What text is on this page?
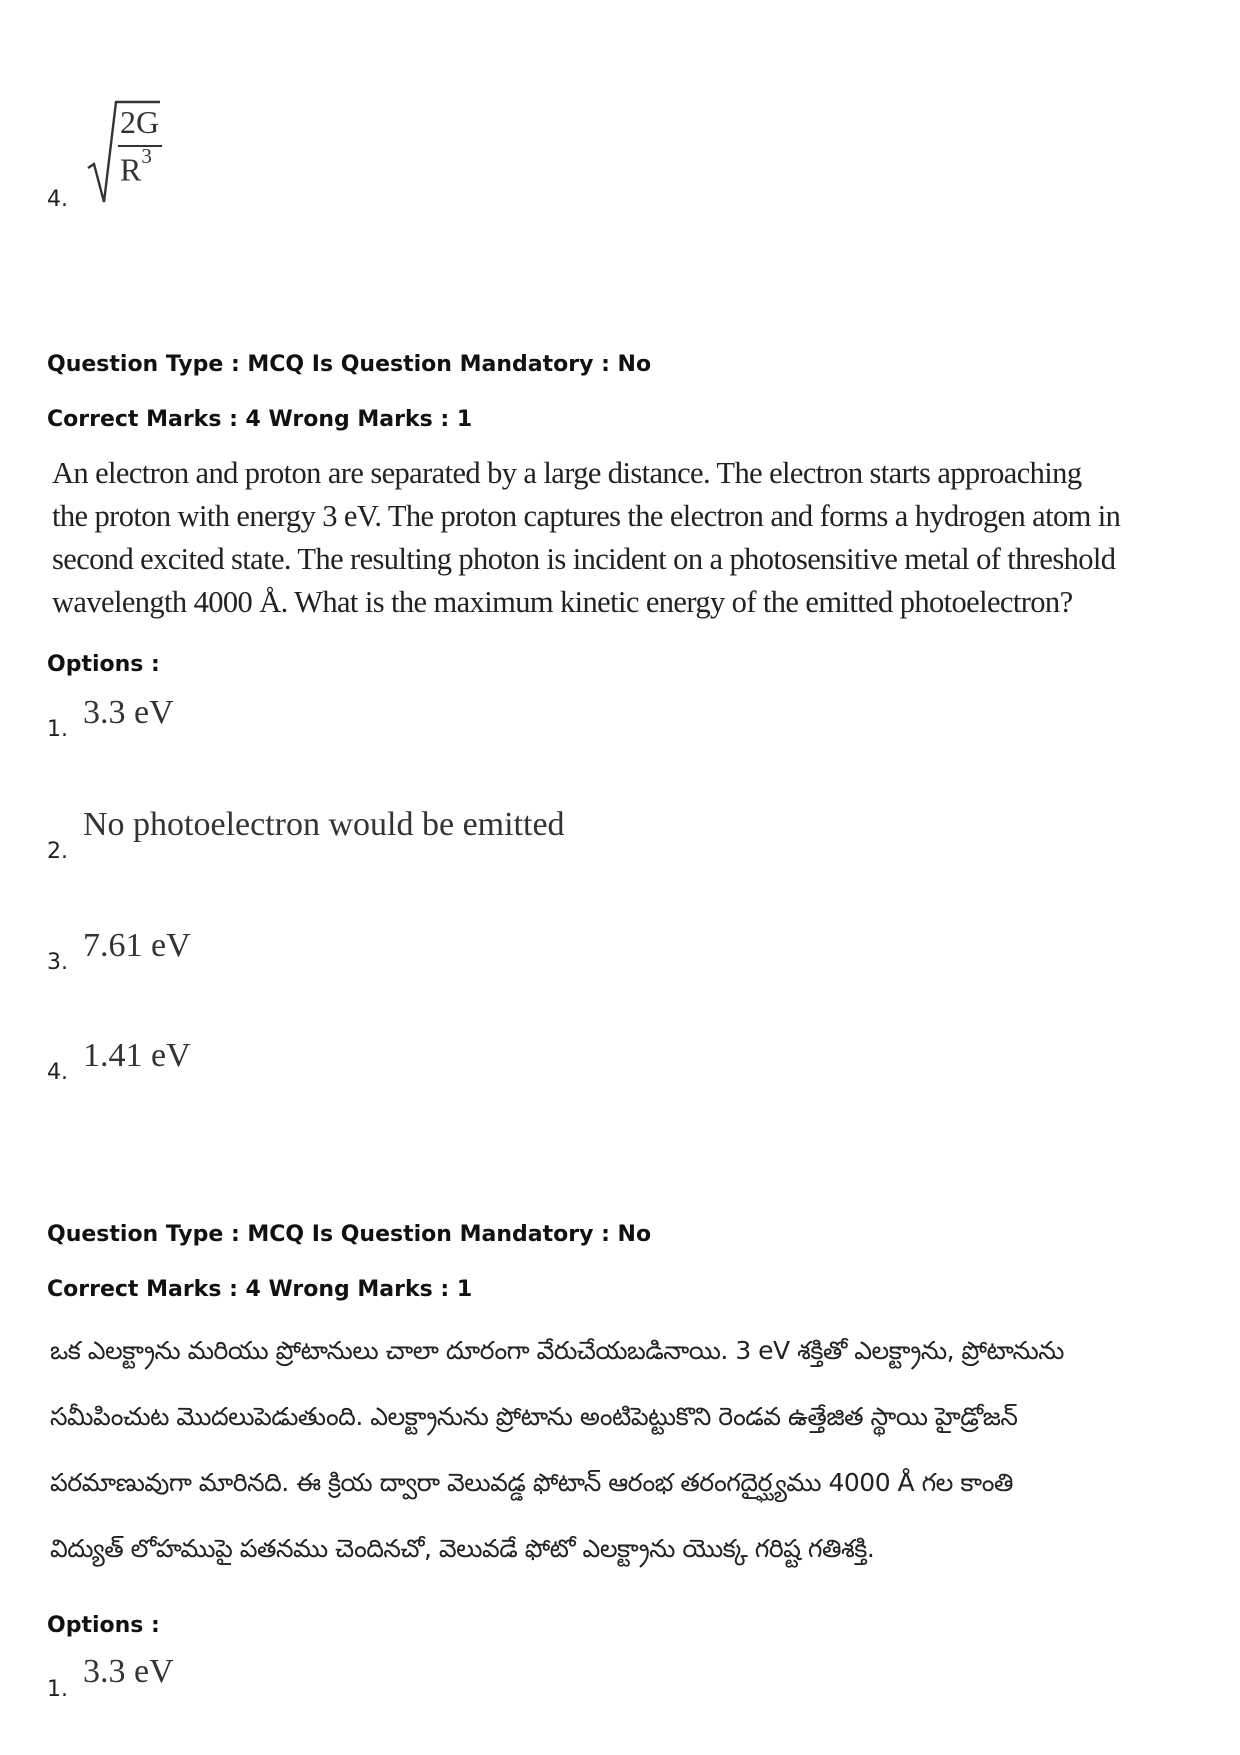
4.
2G
$R^3$
Question Type : MCQ Is Question Mandatory : No
Correct Marks : 4 Wrong Marks : 1
An electron and proton are separated by a large distance. The electron starts approaching
the proton with energy 3 eV. The proton captures the electron and forms a hydrogen atom in
second excited state. The resulting photon is incident on a photosensitive metal of threshold
wavelength 4000 Å. What is the maximum kinetic energy of the emitted photoelectron?
Options :
1. 3.3 eV
2.
No photoelectron would be emitted
3. 7.61 eV
4. 1.41 eV
Question Type : MCQ Is Question Mandatory : No
Correct Marks : 4 Wrong Marks : 1
ఒక ఎలక్ట్రాను మరియు ప్రోటానులు చాలా దూరంగా వేరుచేయబడినాయి. 3 eV శక్తితో ఎలక్ట్రాను, ప్రోటానును
సమీపించుట మొదలుపెడుతుంది. ఎలక్ట్రానును ప్రోటాను అంటిపెట్టుకొని రెండవ ఉత్తేజిత స్థాయి హైడ్రోజన్
పరమాణువుగా మారినది. ఈ క్రియ ద్వారా వెలువడ్డ ఫోటాన్ ఆరంభ తరంగదైర్ఘ్యము 4000 Å గల కాంతి
విద్యుత్ లోహముపై పతనము చెందినచో, వెలువడే ఫోటో ఎలక్ట్రాను యొక్క గరిష్ట గతిశక్తి.
Options :
1. 3.3 eV
